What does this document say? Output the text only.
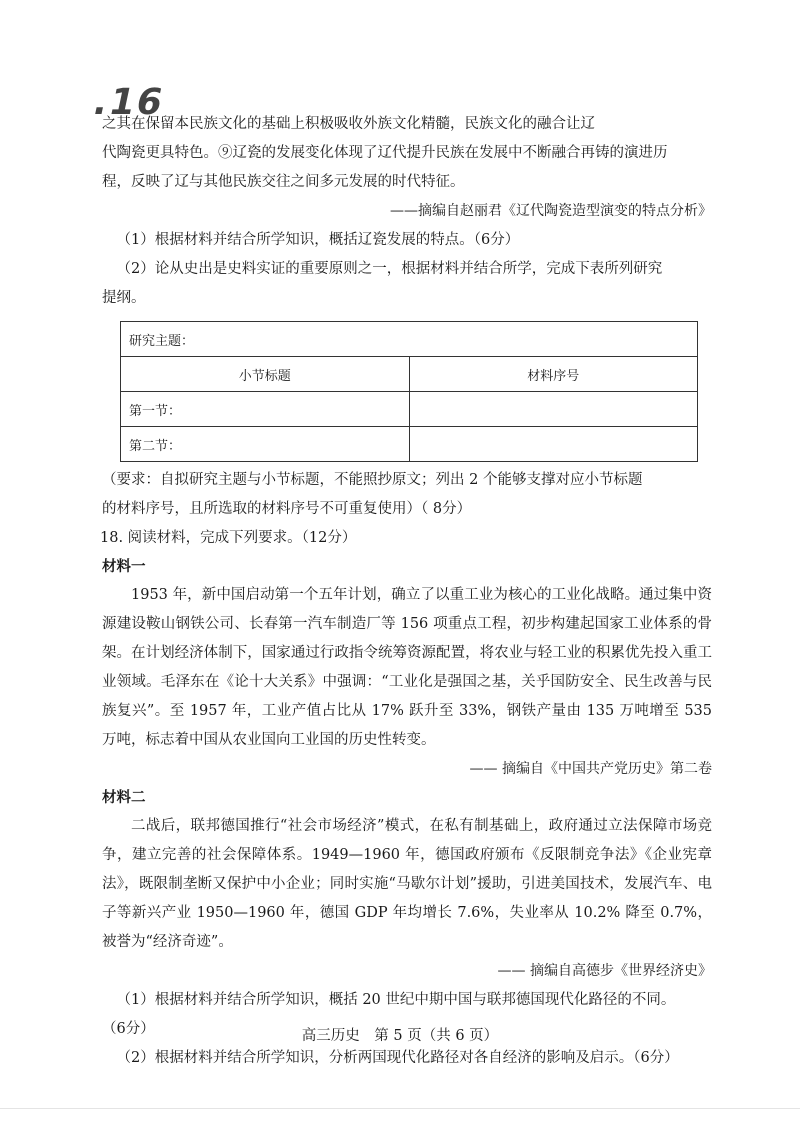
.16

之其在保留本民族文化的基础上积极吸收外族文化精髓，民族文化的融合让辽

代陶瓷更具特色。⑨辽瓷的发展变化体现了辽代提升民族在发展中不断融合再铸的演进历

程，反映了辽与其他民族交往之间多元发展的时代特征。

——摘编自赵丽君《辽代陶瓷造型演变的特点分析》

（1）根据材料并结合所学知识，概括辽瓷发展的特点。（6分）

（2）论从史出是史料实证的重要原则之一，根据材料并结合所学，完成下表所列研究

提纲。

研究主题：	
小节标题	材料序号
第一节：	
第二节：	

（要求：自拟研究主题与小节标题，不能照抄原文；列出 2 个能够支撑对应小节标题

的材料序号，且所选取的材料序号不可重复使用）（ 8分）

18. 阅读材料，完成下列要求。（12分）

材料一

1953 年，新中国启动第一个五年计划，确立了以重工业为核心的工业化战略。通过集中资源建设鞍山钢铁公司、长春第一汽车制造厂等 156 项重点工程，初步构建起国家工业体系的骨架。在计划经济体制下，国家通过行政指令统筹资源配置，将农业与轻工业的积累优先投入重工业领域。毛泽东在《论十大关系》中强调：“工业化是强国之基，关乎国防安全、民生改善与民族复兴”。至 1957 年，工业产值占比从 17% 跃升至 33%，钢铁产量由 135 万吨增至 535 万吨，标志着中国从农业国向工业国的历史性转变。

—— 摘编自《中国共产党历史》第二卷

材料二

二战后，联邦德国推行“社会市场经济”模式，在私有制基础上，政府通过立法保障市场竞争，建立完善的社会保障体系。1949—1960 年，德国政府颁布《反限制竞争法》《企业宪章法》，既限制垄断又保护中小企业；同时实施“马歇尔计划”援助，引进美国技术，发展汽车、电子等新兴产业 1950—1960 年，德国 GDP 年均增长 7.6%，失业率从 10.2% 降至 0.7%，被誉为“经济奇迹”。

—— 摘编自高德步《世界经济史》

（1）根据材料并结合所学知识，概括 20 世纪中期中国与联邦德国现代化路径的不同。

（6分）

（2）根据材料并结合所学知识，分析两国现代化路径对各自经济的影响及启示。（6分）

高三历史　第 5 页（共 6 页）
